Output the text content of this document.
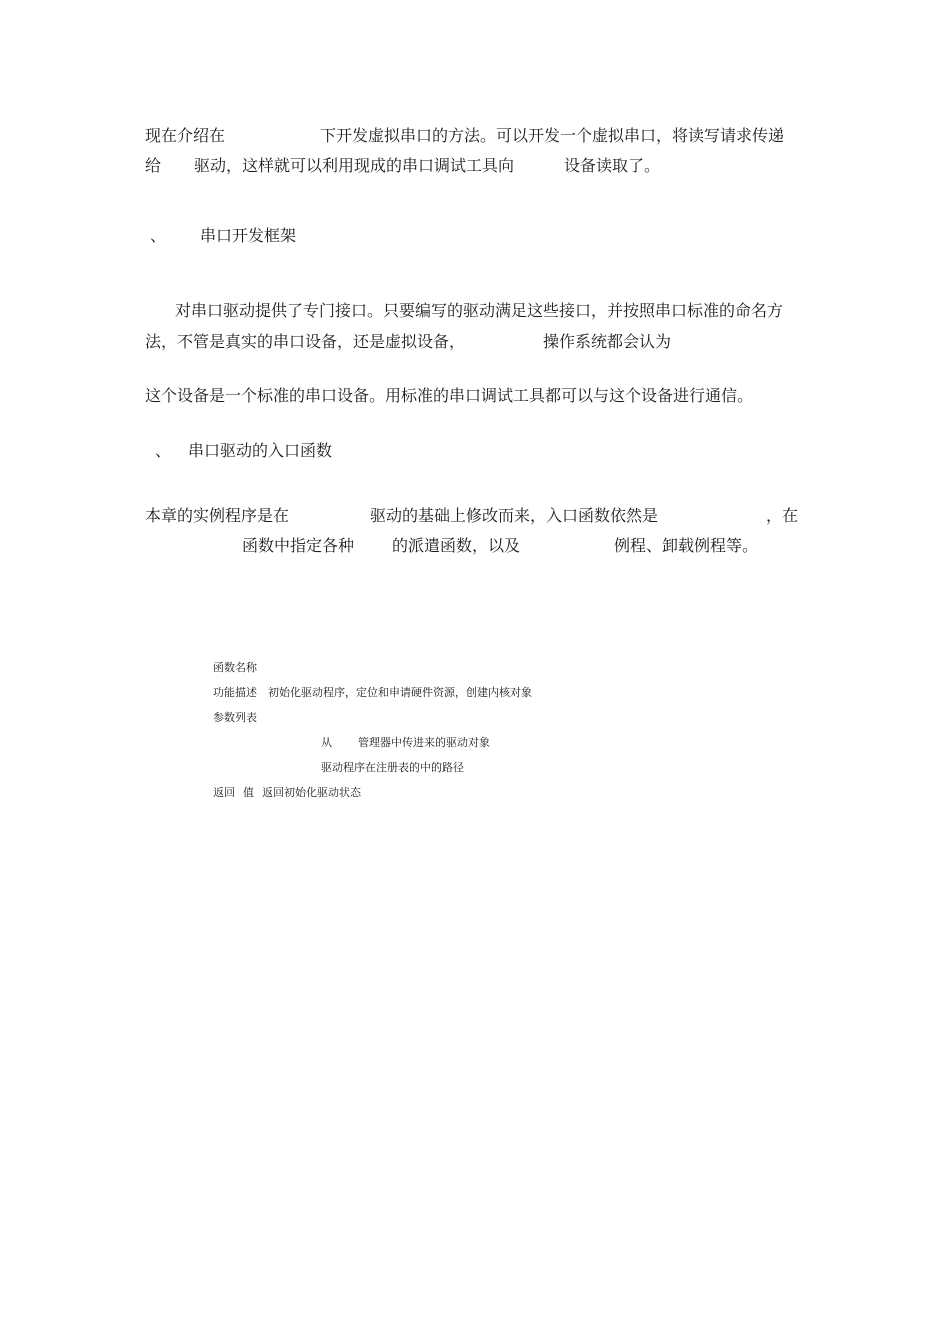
现在介绍在	下开发虚拟串口的方法。可以开发一个虚拟串口，将读写请求传递
给 驱动，这样就可以利用现成的串口调试工具向	设备读取了。
、 串口开发框架
对串口驱动提供了专门接口。只要编写的驱动满足这些接口，并按照串口标准的命名方
法，不管是真实的串口设备，还是虚拟设备，	操作系统都会认为
这个设备是一个标准的串口设备。用标准的串口调试工具都可以与这个设备进行通信。
、 串口驱动的入口函数
本章的实例程序是在	驱动的基础上修改而来，入口函数依然是	，在
函数中指定各种 的派遣函数，以及	例程、卸载例程等。
函数名称
功能描述 初始化驱动程序，定位和申请硬件资源，创建内核对象
参数列表
从 管理器中传进来的驱动对象
驱动程序在注册表的中的路径
返回 值 返回初始化驱动状态
